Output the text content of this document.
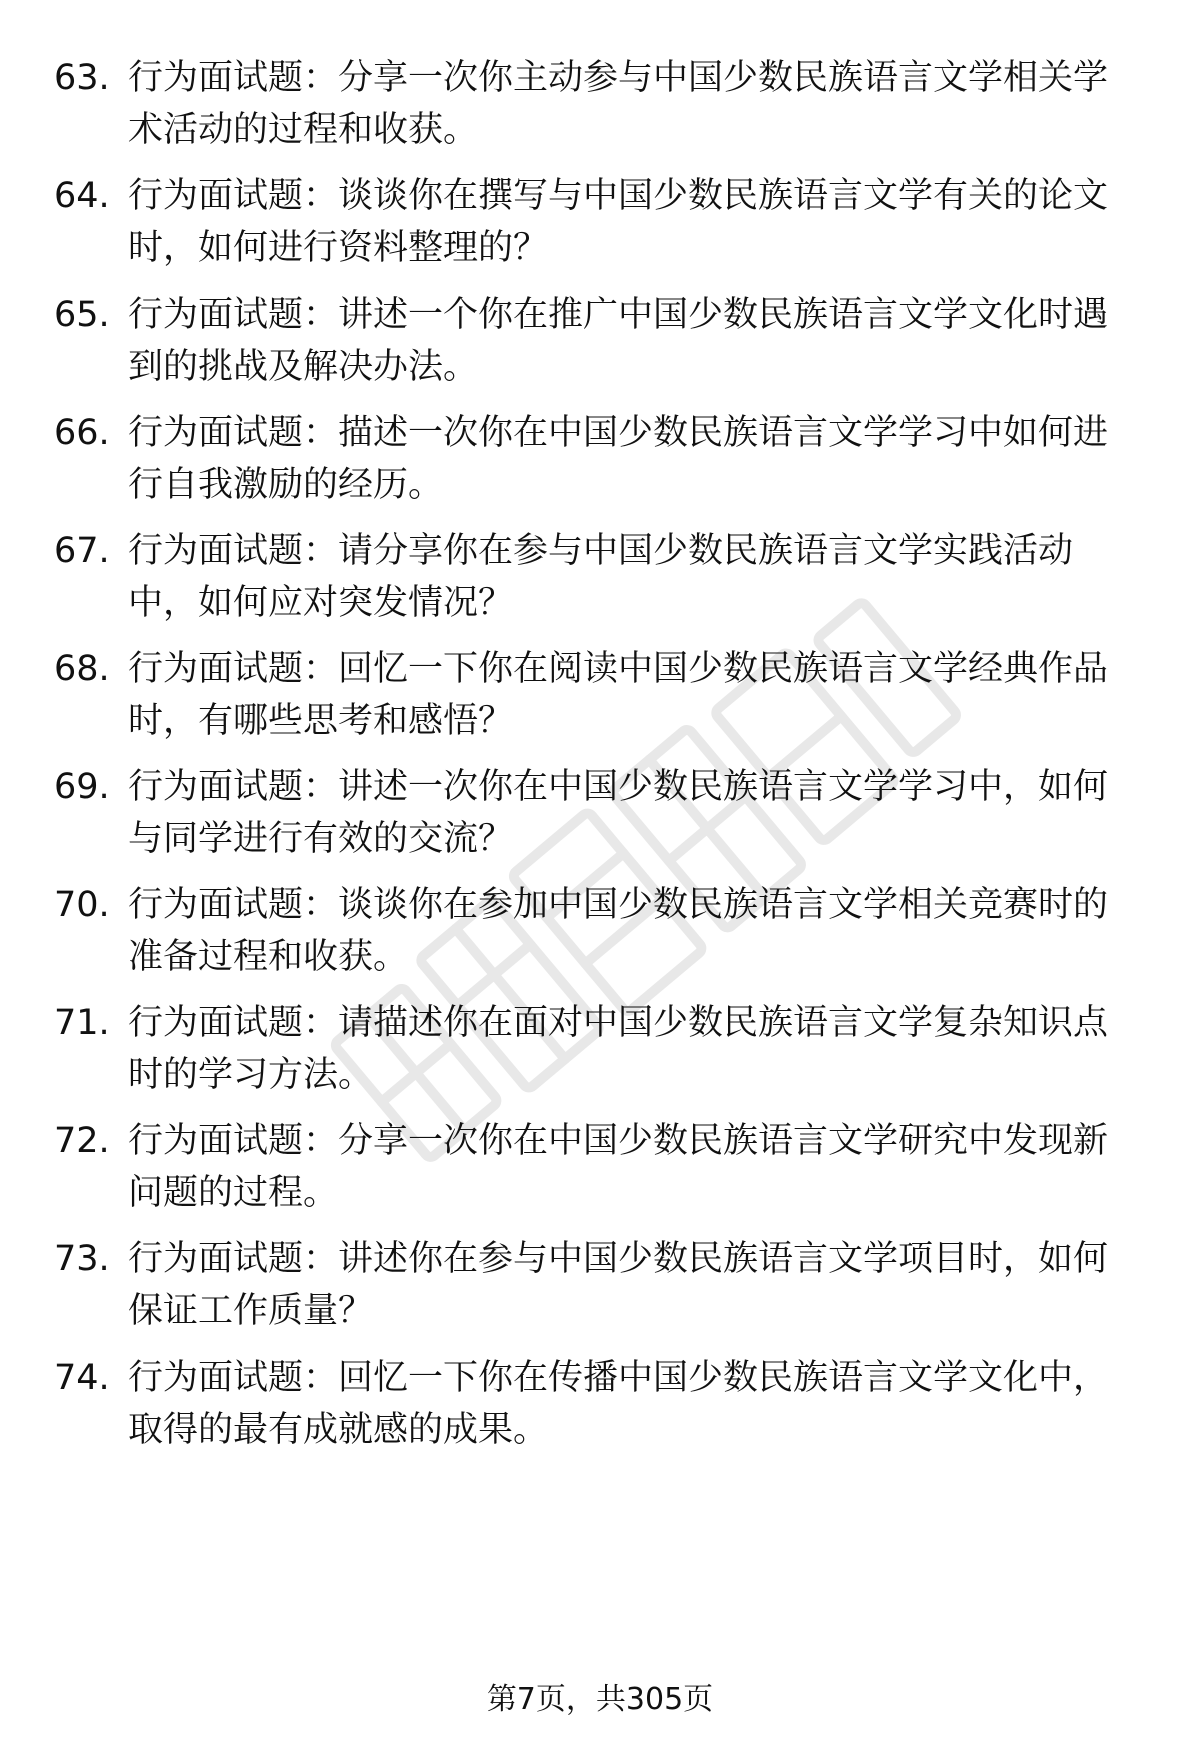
63. 行为面试题：分享一次你主动参与中国少数民族语言文学相关学
术活动的过程和收获。
64. 行为面试题：谈谈你在撰写与中国少数民族语言文学有关的论文
时，如何进行资料整理的？
65. 行为面试题：讲述一个你在推广中国少数民族语言文学文化时遇
到的挑战及解决办法。
66. 行为面试题：描述一次你在中国少数民族语言文学学习中如何进
行自我激励的经历。
67. 行为面试题：请分享你在参与中国少数民族语言文学实践活动
中，如何应对突发情况？
68. 行为面试题：回忆一下你在阅读中国少数民族语言文学经典作品
时，有哪些思考和感悟？
69. 行为面试题：讲述一次你在中国少数民族语言文学学习中，如何
与同学进行有效的交流？
70. 行为面试题：谈谈你在参加中国少数民族语言文学相关竞赛时的
准备过程和收获。
71. 行为面试题：请描述你在面对中国少数民族语言文学复杂知识点
时的学习方法。
72. 行为面试题：分享一次你在中国少数民族语言文学研究中发现新
问题的过程。
73. 行为面试题：讲述你在参与中国少数民族语言文学项目时，如何
保证工作质量？
74. 行为面试题：回忆一下你在传播中国少数民族语言文学文化中，
取得的最有成就感的成果。
第7页，共305页
